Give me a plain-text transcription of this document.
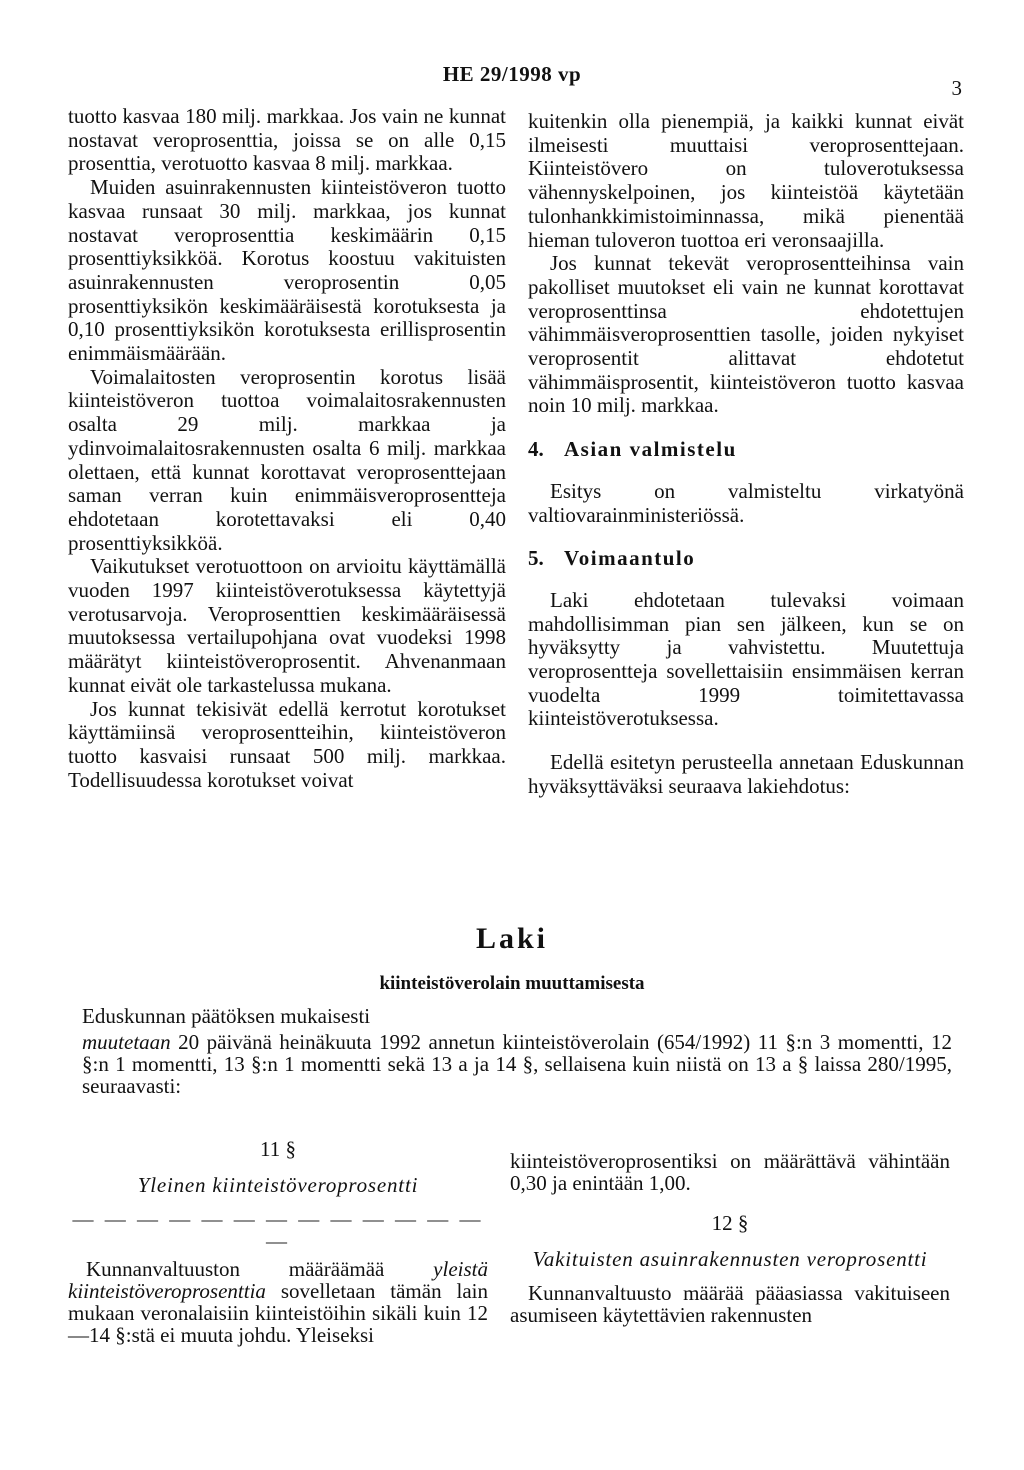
HE 29/1998 vp
3

tuotto kasvaa 180 milj. markkaa. Jos vain ne kunnat nostavat veroprosenttia, joissa se on alle 0,15 prosenttia, verotuotto kasvaa 8 milj. markkaa.

Muiden asuinrakennusten kiinteistöveron tuotto kasvaa runsaat 30 milj. markkaa, jos kunnat nostavat veroprosenttia keskimäärin 0,15 prosenttiyksikköä. Korotus koostuu vakituisten asuinrakennusten veroprosentin 0,05 prosenttiyksikön keskimääräisestä korotuksesta ja 0,10 prosenttiyksikön korotuksesta erillisprosentin enimmäismäärään.

Voimalaitosten veroprosentin korotus lisää kiinteistöveron tuottoa voimalaitosrakennusten osalta 29 milj. markkaa ja ydinvoimalaitosrakennusten osalta 6 milj. markkaa olettaen, että kunnat korottavat veroprosenttejaan saman verran kuin enimmäisveroprosentteja ehdotetaan korotettavaksi eli 0,40 prosenttiyksikköä.

Vaikutukset verotuottoon on arvioitu käyttämällä vuoden 1997 kiinteistöverotuksessa käytettyjä verotusarvoja. Veroprosenttien keskimääräisessä muutoksessa vertailupohjana ovat vuodeksi 1998 määrätyt kiinteistöveroprosentit. Ahvenanmaan kunnat eivät ole tarkastelussa mukana.

Jos kunnat tekisivät edellä kerrotut korotukset käyttämiinsä veroprosentteihin, kiinteistöveron tuotto kasvaisi runsaat 500 milj. markkaa. Todellisuudessa korotukset voivat

kuitenkin olla pienempiä, ja kaikki kunnat eivät ilmeisesti muuttaisi veroprosenttejaan. Kiinteistövero on tuloverotuksessa vähennyskelpoinen, jos kiinteistöä käytetään tulonhankkimistoiminnassa, mikä pienentää hieman tuloveron tuottoa eri veronsaajilla.

Jos kunnat tekevät veroprosentteihinsa vain pakolliset muutokset eli vain ne kunnat korottavat veroprosenttinsa ehdotettujen vähimmäisveroprosenttien tasolle, joiden nykyiset veroprosentit alittavat ehdotetut vähimmäisprosentit, kiinteistöveron tuotto kasvaa noin 10 milj. markkaa.

4. Asian valmistelu

Esitys on valmisteltu virkatyönä valtiovarainministeriössä.

5. Voimaantulo

Laki ehdotetaan tulevaksi voimaan mahdollisimman pian sen jälkeen, kun se on hyväksytty ja vahvistettu. Muutettuja veroprosentteja sovellettaisiin ensimmäisen kerran vuodelta 1999 toimitettavassa kiinteistöverotuksessa.

Edellä esitetyn perusteella annetaan Eduskunnan hyväksyttäväksi seuraava lakiehdotus:

Laki
kiinteistöverolain muuttamisesta

Eduskunnan päätöksen mukaisesti

muutetaan 20 päivänä heinäkuuta 1992 annetun kiinteistöverolain (654/1992) 11 §:n 3 momentti, 12 §:n 1 momentti, 13 §:n 1 momentti sekä 13 a ja 14 §, sellaisena kuin niistä on 13 a § laissa 280/1995, seuraavasti:

11 §
Yleinen kiinteistöveroprosentti
— — — — — — — — — — — — — —

Kunnanvaltuuston määräämää yleistä kiinteistöveroprosenttia sovelletaan tämän lain mukaan veronalaisiin kiinteistöihin sikäli kuin 12—14 §:stä ei muuta johdu. Yleiseksi

kiinteistöveroprosentiksi on määrättävä vähintään 0,30 ja enintään 1,00.

12 §
Vakituisten asuinrakennusten veroprosentti

Kunnanvaltuusto määrää pääasiassa vakituiseen asumiseen käytettävien rakennusten
